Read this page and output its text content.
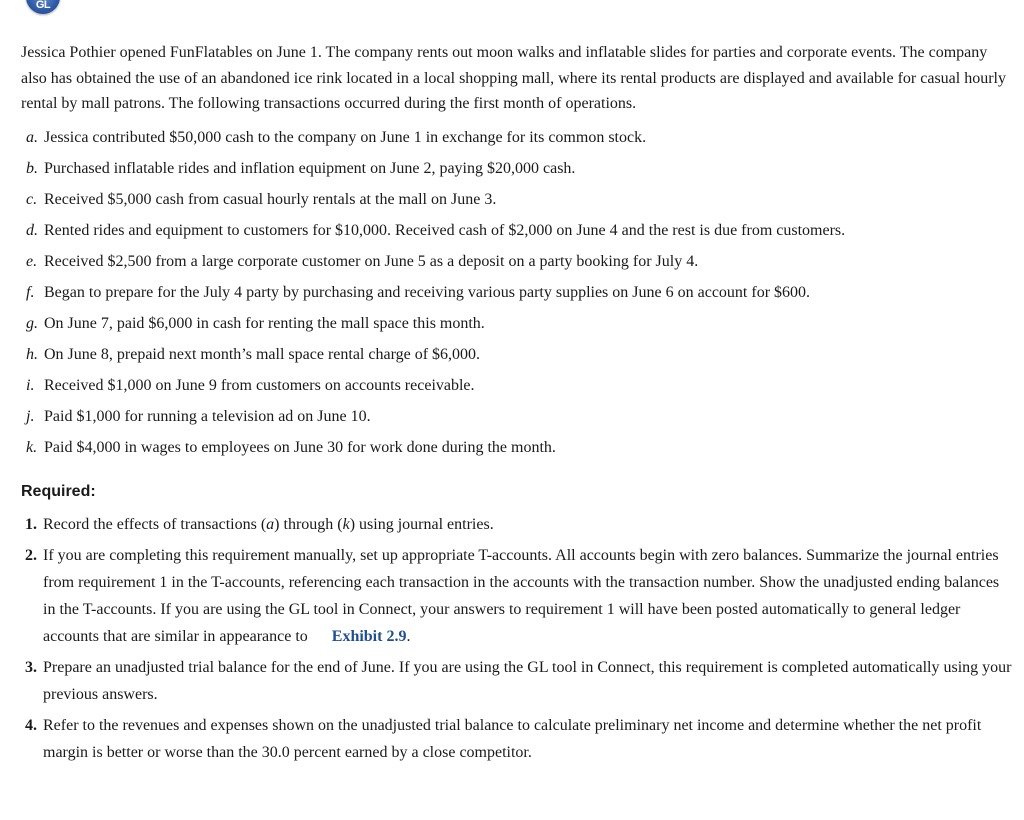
GL

Jessica Pothier opened FunFlatables on June 1. The company rents out moon walks and inflatable slides for parties and corporate events. The company also has obtained the use of an abandoned ice rink located in a local shopping mall, where its rental products are displayed and available for casual hourly rental by mall patrons. The following transactions occurred during the first month of operations.

a. Jessica contributed $50,000 cash to the company on June 1 in exchange for its common stock.
b. Purchased inflatable rides and inflation equipment on June 2, paying $20,000 cash.
c. Received $5,000 cash from casual hourly rentals at the mall on June 3.
d. Rented rides and equipment to customers for $10,000. Received cash of $2,000 on June 4 and the rest is due from customers.
e. Received $2,500 from a large corporate customer on June 5 as a deposit on a party booking for July 4.
f. Began to prepare for the July 4 party by purchasing and receiving various party supplies on June 6 on account for $600.
g. On June 7, paid $6,000 in cash for renting the mall space this month.
h. On June 8, prepaid next month’s mall space rental charge of $6,000.
i. Received $1,000 on June 9 from customers on accounts receivable.
j. Paid $1,000 for running a television ad on June 10.
k. Paid $4,000 in wages to employees on June 30 for work done during the month.
Required:
1. Record the effects of transactions (a) through (k) using journal entries.
2. If you are completing this requirement manually, set up appropriate T-accounts. All accounts begin with zero balances. Summarize the journal entries from requirement 1 in the T-accounts, referencing each transaction in the accounts with the transaction number. Show the unadjusted ending balances in the T-accounts. If you are using the GL tool in Connect, your answers to requirement 1 will have been posted automatically to general ledger accounts that are similar in appearance to Exhibit 2.9.
3. Prepare an unadjusted trial balance for the end of June. If you are using the GL tool in Connect, this requirement is completed automatically using your previous answers.
4. Refer to the revenues and expenses shown on the unadjusted trial balance to calculate preliminary net income and determine whether the net profit margin is better or worse than the 30.0 percent earned by a close competitor.
